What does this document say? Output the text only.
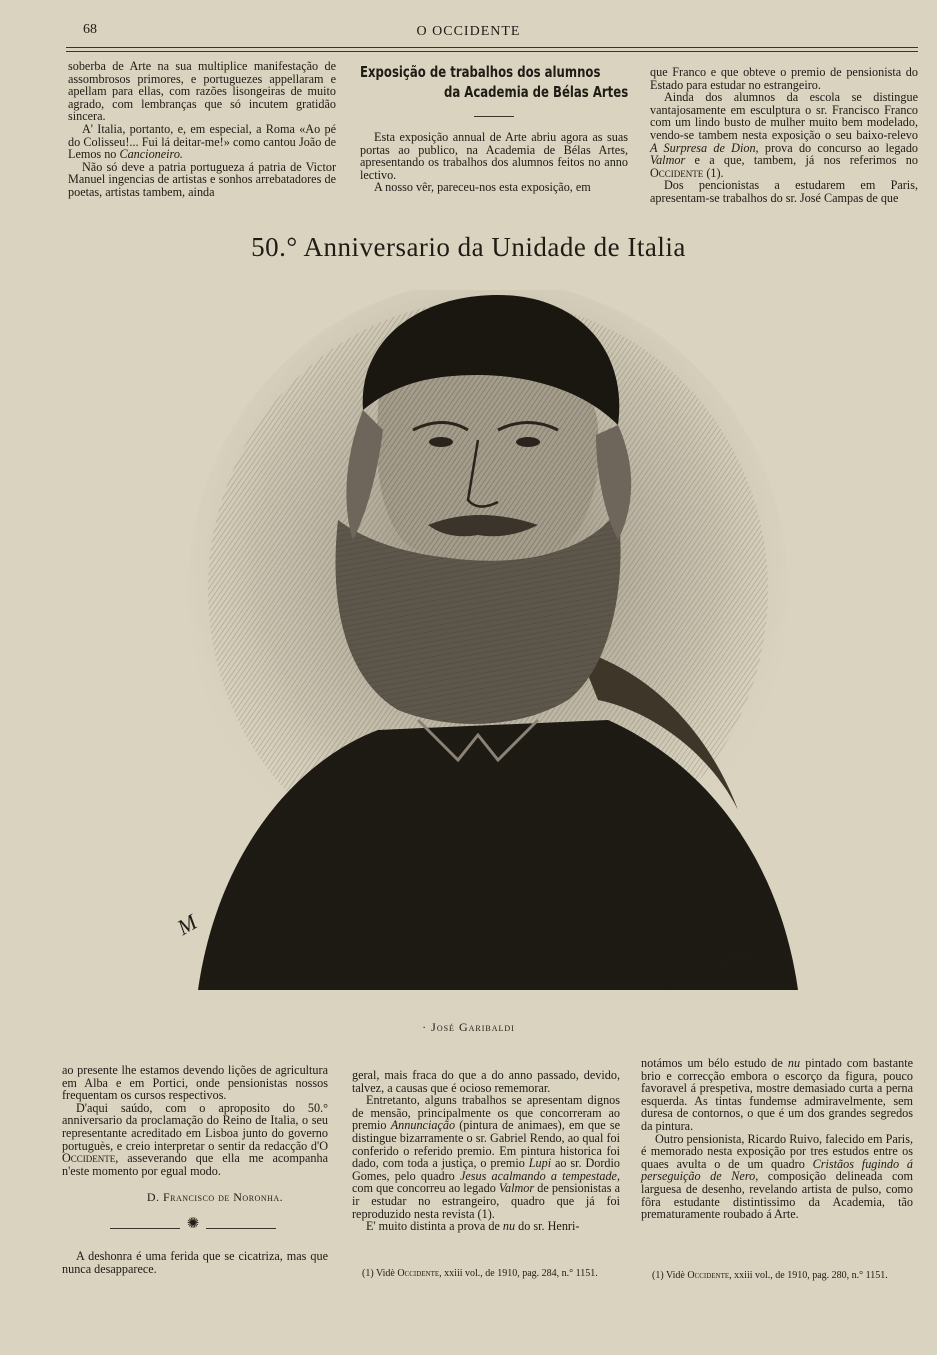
68	O OCCIDENTE

soberba de Arte na sua multiplice manifestação de assombrosos primores, e portuguezes appellaram e apellam para ellas, com razões lisongeiras de muito agrado, com lembranças que só incutem gratidão sincera.

A' Italia, portanto, e, em especial, a Roma «Ao pé do Colisseu!... Fui lá deitar-me!» como cantou João de Lemos no Cancioneiro.

Não só deve a patria portugueza á patria de Victor Manuel ingencias de artistas e sonhos arrebatadores de poetas, artistas tambem, ainda

Exposição de trabalhos dos alumnos
da Academia de Bélas Artes

Esta exposição annual de Arte abriu agora as suas portas ao publico, na Academia de Bélas Artes, apresentando os trabalhos dos alumnos feitos no anno lectivo.

A nosso vêr, pareceu-nos esta exposição, em

que Franco e que obteve o premio de pensionista do Estado para estudar no estrangeiro.

Ainda dos alumnos da escola se distingue vantajosamente em esculptura o sr. Francisco Franco com um lindo busto de mulher muito bem modelado, vendo-se tambem nesta exposição o seu baixo-relevo A Surpresa de Dion, prova do concurso ao legado Valmor e a que, tambem, já nos referimos no Occidente (1).

Dos pencionistas a estudarem em Paris, apresentam-se trabalhos do sr. José Campas de que

50.° Anniversario da Unidade de Italia
M
ALBERTO
· José Garibaldi

ao presente lhe estamos devendo lições de agricultura em Alba e em Portici, onde pensionistas nossos frequentam os cursos respectivos.

D'aqui saúdo, com o aproposito do 50.° anniversario da proclamação do Reino de Italia, o seu representante acreditado em Lisboa junto do governo portuguès, e creio interpretar o sentir da redacção d'O Occidente, asseverando que ella me acompanha n'este momento por egual modo.

D. Francisco de Noronha.
✺

A deshonra é uma ferida que se cicatriza, mas que nunca desapparece.

geral, mais fraca do que a do anno passado, devido, talvez, a causas que é ocioso rememorar.

Entretanto, alguns trabalhos se apresentam dignos de mensão, principalmente os que concorreram ao premio Annunciação (pintura de animaes), em que se distingue bizarramente o sr. Gabriel Rendo, ao qual foi conferido o referido premio. Em pintura historica foi dado, com toda a justiça, o premio Lupi ao sr. Dordio Gomes, pelo quadro Jesus acalmando a tempestade, com que concorreu ao legado Valmor de pensionistas a ir estudar no estrangeiro, quadro que já foi reproduzido nesta revista (1).

E' muito distinta a prova de nu do sr. Henri-

(1) Vidè Occidente, xxiii vol., de 1910, pag. 284, n.° 1151.

notámos um bélo estudo de nu pintado com bastante brio e correcção embora o escorço da figura, pouco favoravel á prespetiva, mostre demasiado curta a perna esquerda. As tintas fundemse admiravelmente, sem duresa de contornos, o que é um dos grandes segredos da pintura.

Outro pensionista, Ricardo Ruivo, falecido em Paris, é memorado nesta exposição por tres estudos entre os quaes avulta o de um quadro Cristãos fugindo á perseguição de Nero, composição delineada com larguesa de desenho, revelando artista de pulso, como fôra estudante distintissimo da Academia, tão prematuramente roubado á Arte.

(1) Vidè Occidente, xxiii vol., de 1910, pag. 280, n.° 1151.
